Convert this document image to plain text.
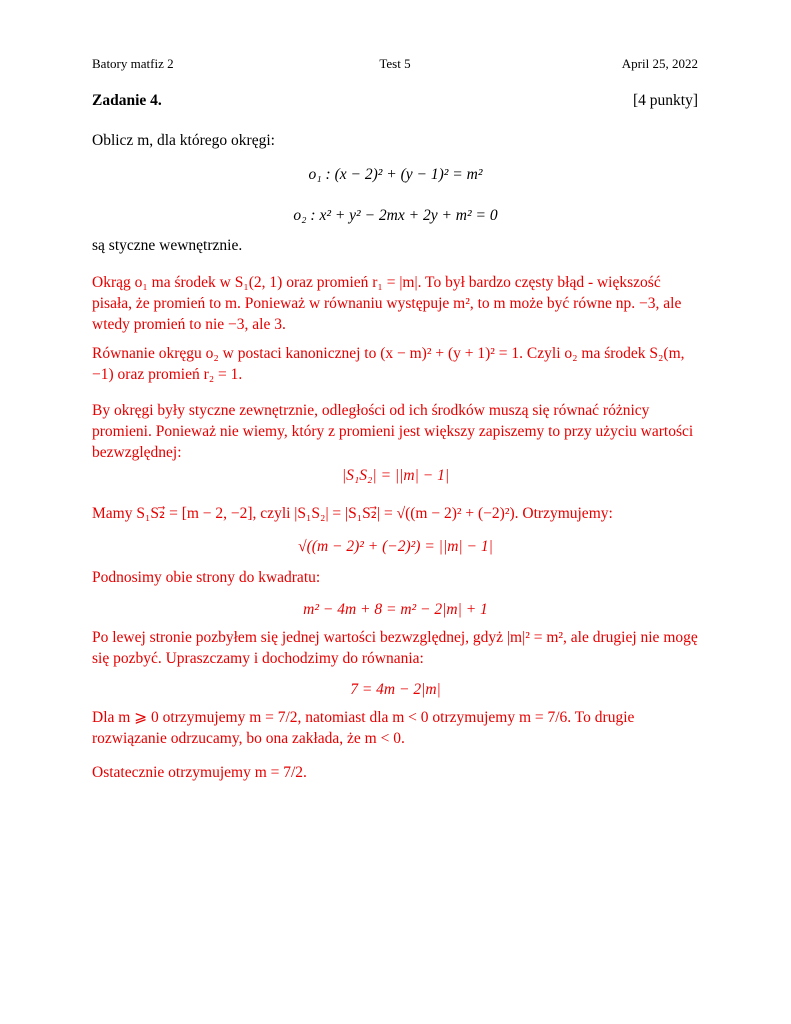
Batory matfiz 2	Test 5	April 25, 2022
Zadanie 4.	[4 punkty]
Oblicz m, dla którego okręgi:
o₁ : (x − 2)² + (y − 1)² = m²
o₂ : x² + y² − 2mx + 2y + m² = 0
są styczne wewnętrznie.
Okrąg o₁ ma środek w S₁(2, 1) oraz promień r₁ = |m|. To był bardzo częsty błąd - większość pisała, że promień to m. Ponieważ w równaniu występuje m², to m może być równe np. −3, ale wtedy promień to nie −3, ale 3.
Równanie okręgu o₂ w postaci kanonicznej to (x − m)² + (y + 1)² = 1. Czyli o₂ ma środek S₂(m, −1) oraz promień r₂ = 1.
By okręgi były styczne zewnętrznie, odległości od ich środków muszą się równać różnicy promieni. Ponieważ nie wiemy, który z promieni jest większy zapiszemy to przy użyciu wartości bezwzględnej:
|S₁S₂| = ||m| − 1|
Mamy S₁S₂⃗ = [m − 2, −2], czyli |S₁S₂| = |S₁S₂⃗| = √((m − 2)² + (−2)²). Otrzymujemy:
√((m − 2)² + (−2)²) = ||m| − 1|
Podnosimy obie strony do kwadratu:
m² − 4m + 8 = m² − 2|m| + 1
Po lewej stronie pozbyłem się jednej wartości bezwzględnej, gdyż |m|² = m², ale drugiej nie mogę się pozbyć. Upraszczamy i dochodzimy do równania:
7 = 4m − 2|m|
Dla m ⩾ 0 otrzymujemy m = 7/2, natomiast dla m < 0 otrzymujemy m = 7/6. To drugie rozwiązanie odrzucamy, bo ona zakłada, że m < 0.
Ostatecznie otrzymujemy m = 7/2.
